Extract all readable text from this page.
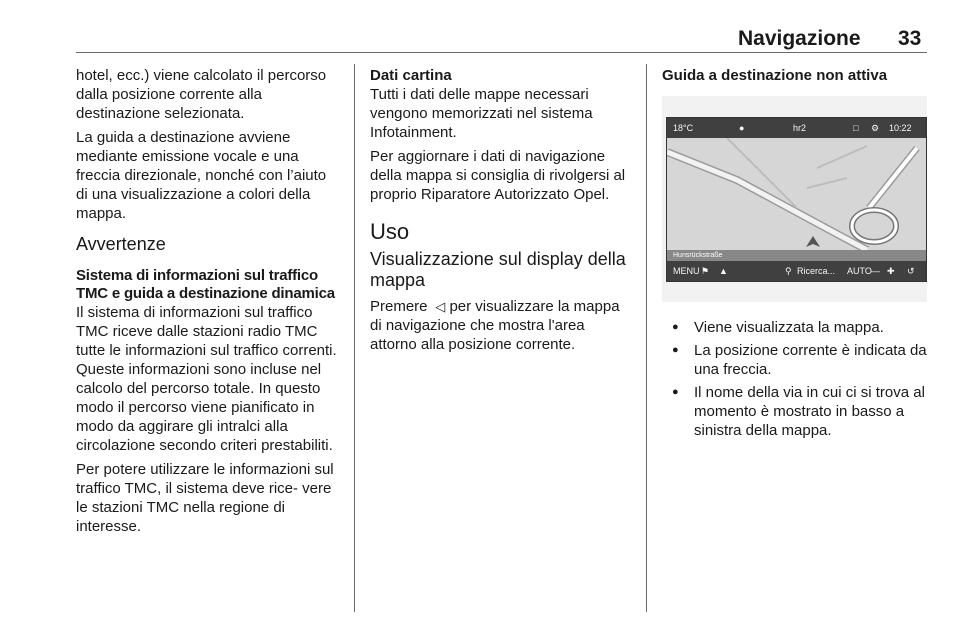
Navigazione 33

hotel, ecc.) viene calcolato il percorso dalla posizione corrente alla destinazione selezionata.

La guida a destinazione avviene mediante emissione vocale e una freccia direzionale, nonché con l’aiuto di una visualizzazione a colori della mappa.

Avvertenze
Sistema di informazioni sul traffico TMC e guida a destinazione dinamica

Il sistema di informazioni sul traffico TMC riceve dalle stazioni radio TMC tutte le informazioni sul traffico correnti. Queste informazioni sono incluse nel calcolo del percorso totale. In questo modo il percorso viene pianificato in modo da aggirare gli intralci alla circolazione secondo criteri prestabiliti.

Per potere utilizzare le informazioni sul traffico TMC, il sistema deve rice- vere le stazioni TMC nella regione di interesse.

Dati cartina

Tutti i dati delle mappe necessari vengono memorizzati nel sistema Infotainment.

Per aggiornare i dati di navigazione della mappa si consiglia di rivolgersi al proprio Riparatore Autorizzato Opel.

Uso
Visualizzazione sul display della mappa

Premere  ◁ per visualizzare la mappa di navigazione che mostra l'area attorno alla posizione corrente.

Guida a destinazione non attiva
18°C	●	hr2	□ ⚙ 10:22
Hunsrückstraße
MENU ⚑ ▲	⚲ Ricerca... AUTO — ✚ ↺
● Viene visualizzata la mappa.
● La posizione corrente è indicata da una freccia.
● Il nome della via in cui ci si trova al momento è mostrato in basso a sinistra della mappa.
